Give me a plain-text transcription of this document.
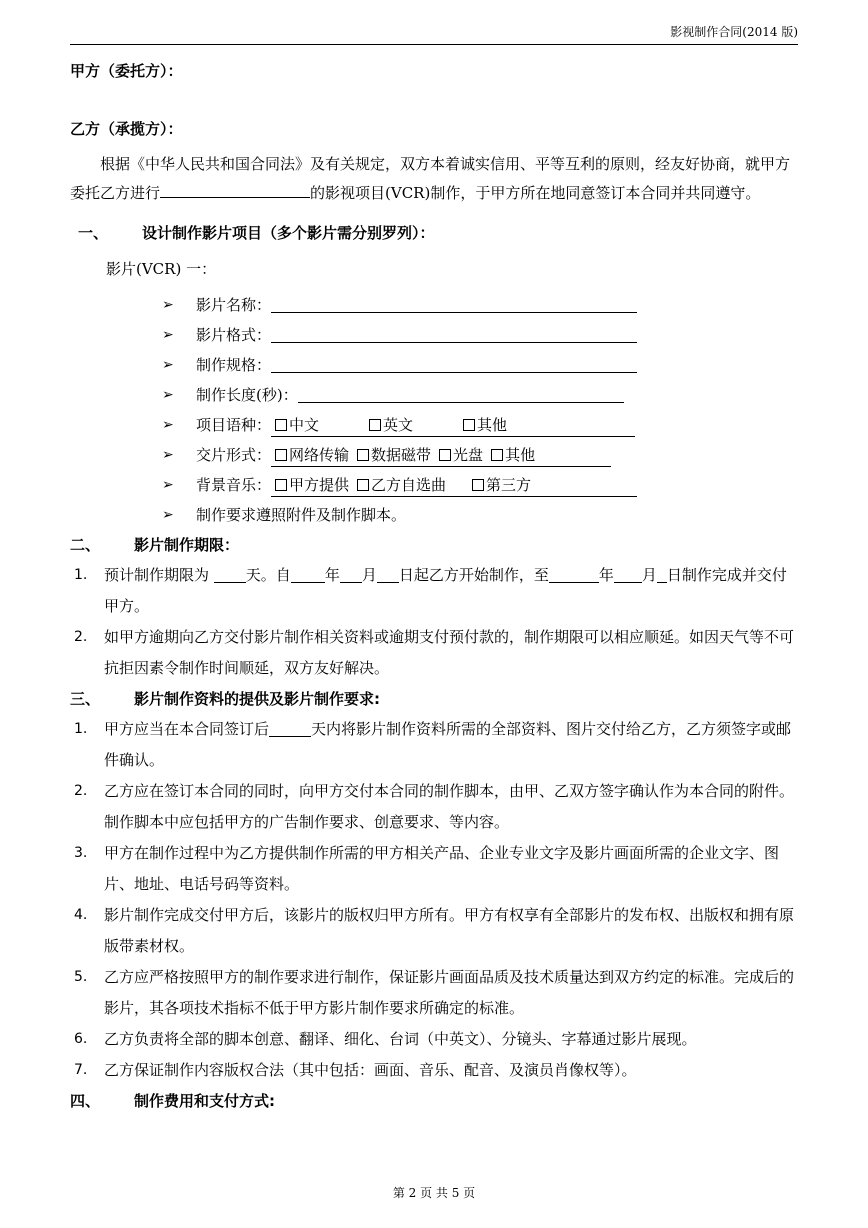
影视制作合同(2014 版)
甲方（委托方）：
乙方（承揽方）：
根据《中华人民共和国合同法》及有关规定，双方本着诚实信用、平等互利的原则，经友好协商，就甲方委托乙方进行	的影视项目(VCR)制作，于甲方所在地同意签订本合同并共同遵守。
一、	设计制作影片项目（多个影片需分别罗列）：
影片(VCR) 一：
➢ 影片名称：
➢ 影片格式：
➢ 制作规格：
➢ 制作长度(秒)：
➢ 项目语种： 中文	英文	其他
➢ 交片形式： 网络传输 数据磁带 光盘 其他
➢ 背景音乐： 甲方提供 乙方自选曲	第三方
➢ 制作要求遵照附件及制作脚本。
二、	影片制作期限：
1. 预计制作期限为 天。自 年 月 日起乙方开始制作，至	年 月 日制作完成并交付甲方。
2. 如甲方逾期向乙方交付影片制作相关资料或逾期支付预付款的，制作期限可以相应顺延。如因天气等不可抗拒因素令制作时间顺延，双方友好解决。
三、	影片制作资料的提供及影片制作要求:
1. 甲方应当在本合同签订后	天内将影片制作资料所需的全部资料、图片交付给乙方，乙方须签字或邮件确认。
2. 乙方应在签订本合同的同时，向甲方交付本合同的制作脚本，由甲、乙双方签字确认作为本合同的附件。制作脚本中应包括甲方的广告制作要求、创意要求、等内容。
3. 甲方在制作过程中为乙方提供制作所需的甲方相关产品、企业专业文字及影片画面所需的企业文字、图片、地址、电话号码等资料。
4. 影片制作完成交付甲方后，该影片的版权归甲方所有。甲方有权享有全部影片的发布权、出版权和拥有原版带素材权。
5. 乙方应严格按照甲方的制作要求进行制作，保证影片画面品质及技术质量达到双方约定的标准。完成后的影片，其各项技术指标不低于甲方影片制作要求所确定的标准。
6. 乙方负责将全部的脚本创意、翻译、细化、台词（中英文）、分镜头、字幕通过影片展现。
7. 乙方保证制作内容版权合法（其中包括：画面、音乐、配音、及演员肖像权等）。
四、	制作费用和支付方式:
第 2 页 共 5 页
